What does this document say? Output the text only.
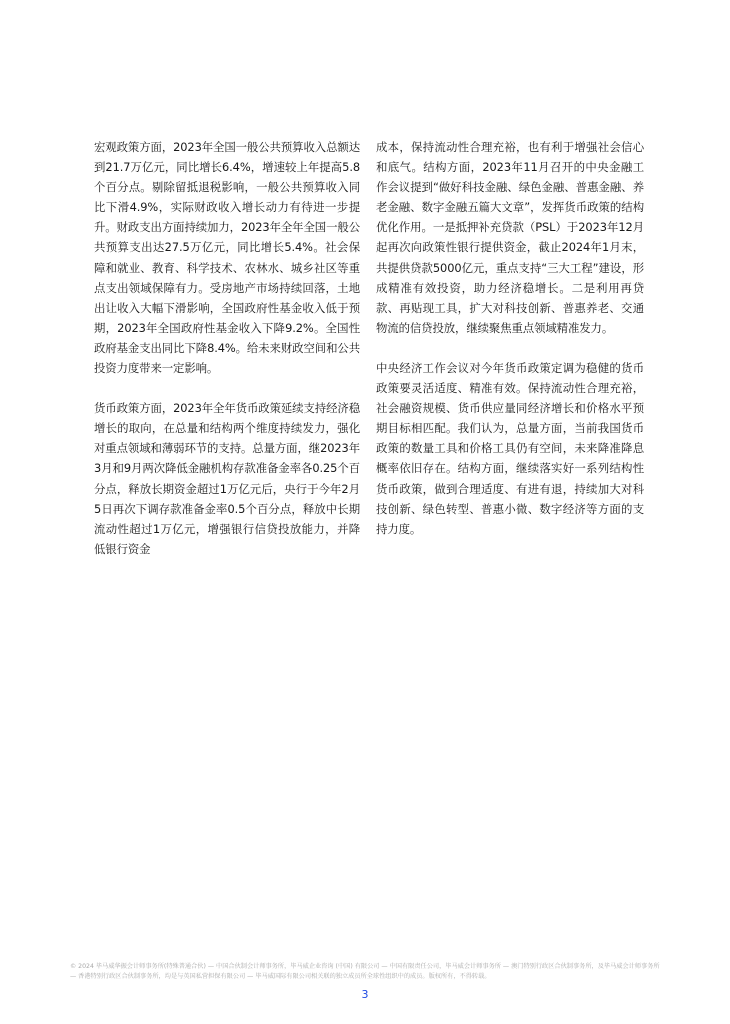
宏观政策方面，2023年全国一般公共预算收入总额达到21.7万亿元，同比增长6.4%，增速较上年提高5.8个百分点。剔除留抵退税影响，一般公共预算收入同比下滑4.9%，实际财政收入增长动力有待进一步提升。财政支出方面持续加力，2023年全年全国一般公共预算支出达27.5万亿元，同比增长5.4%。社会保障和就业、教育、科学技术、农林水、城乡社区等重点支出领域保障有力。受房地产市场持续回落，土地出让收入大幅下滑影响，全国政府性基金收入低于预期，2023年全国政府性基金收入下降9.2%。全国性政府基金支出同比下降8.4%。给未来财政空间和公共投资力度带来一定影响。

货币政策方面，2023年全年货币政策延续支持经济稳增长的取向，在总量和结构两个维度持续发力，强化对重点领域和薄弱环节的支持。总量方面，继2023年3月和9月两次降低金融机构存款准备金率各0.25个百分点，释放长期资金超过1万亿元后，央行于今年2月5日再次下调存款准备金率0.5个百分点，释放中长期流动性超过1万亿元，增强银行信贷投放能力，并降低银行资金

成本，保持流动性合理充裕，也有利于增强社会信心和底气。结构方面，2023年11月召开的中央金融工作会议提到“做好科技金融、绿色金融、普惠金融、养老金融、数字金融五篇大文章”，发挥货币政策的结构优化作用。一是抵押补充贷款（PSL）于2023年12月起再次向政策性银行提供资金，截止2024年1月末，共提供贷款5000亿元，重点支持“三大工程”建设，形成精准有效投资，助力经济稳增长。二是利用再贷款、再贴现工具，扩大对科技创新、普惠养老、交通物流的信贷投放，继续聚焦重点领域精准发力。

中央经济工作会议对今年货币政策定调为稳健的货币政策要灵活适度、精准有效。保持流动性合理充裕，社会融资规模、货币供应量同经济增长和价格水平预期目标相匹配。我们认为，总量方面，当前我国货币政策的数量工具和价格工具仍有空间，未来降准降息概率依旧存在。结构方面，继续落实好一系列结构性货币政策，做到合理适度、有进有退，持续加大对科技创新、绿色转型、普惠小微、数字经济等方面的支持力度。

© 2024 毕马威华振会计师事务所(特殊普通合伙) — 中国合伙制会计师事务所，毕马威企业咨询 (中国) 有限公司 — 中国有限责任公司，毕马威会计师事务所 — 澳门特别行政区合伙制事务所，及毕马威会计师事务所 — 香港特别行政区合伙制事务所，均是与英国私营担保有限公司 — 毕马威国际有限公司相关联的独立成员所全球性组织中的成员。版权所有，不得转载。
3
